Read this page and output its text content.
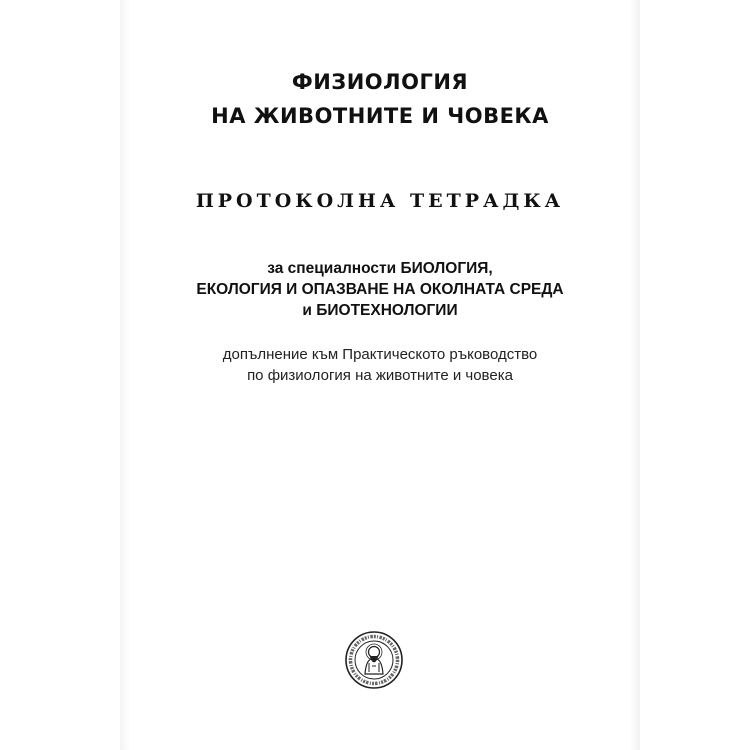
ФИЗИОЛОГИЯ
НА ЖИВОТНИТЕ И ЧОВЕКА
ПРОТОКОЛНА ТЕТРАДКА
за специалности БИОЛОГИЯ,
ЕКОЛОГИЯ И ОПАЗВАНЕ НА ОКОЛНАТА СРЕДА
и БИОТЕХНОЛОГИИ
допълнение към Практическото ръководство
по физиология на животните и човека
